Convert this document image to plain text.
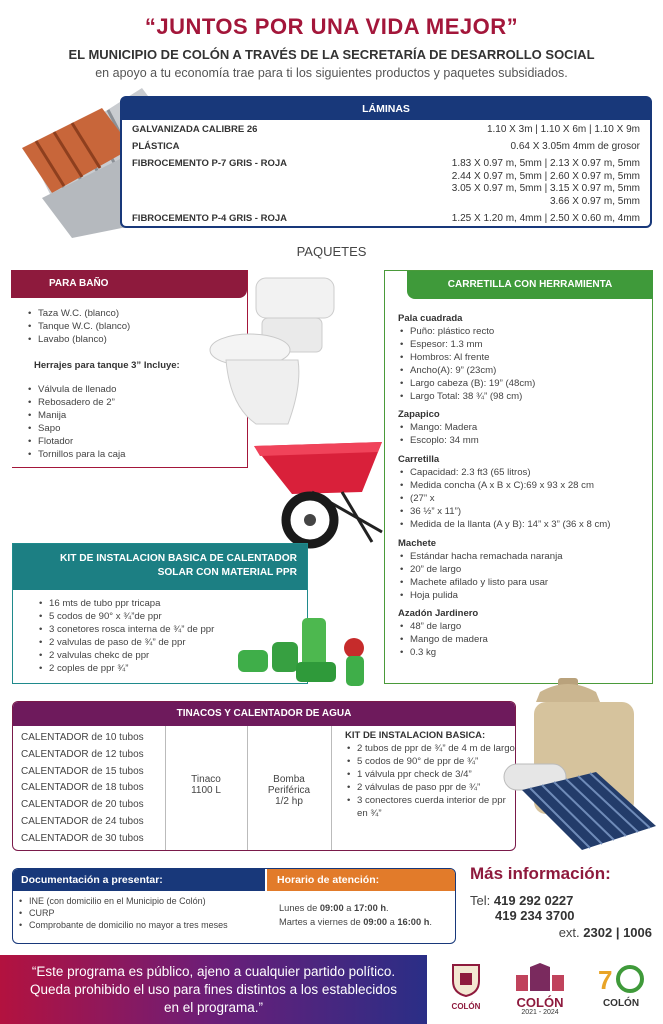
“JUNTOS POR UNA VIDA MEJOR”
EL MUNICIPIO DE COLÓN A TRAVÉS DE LA SECRETARÍA DE DESARROLLO SOCIAL
en apoyo a tu economía trae para ti los siguientes productos y paquetes subsidiados.
LÁMINAS
GALVANIZADA CALIBRE 26	1.10 X 3m | 1.10 X 6m | 1.10 X 9m
PLÁSTICA	0.64 X 3.05m 4mm de grosor
FIBROCEMENTO P-7 GRIS - ROJA	1.83 X 0.97 m, 5mm | 2.13 X 0.97 m, 5mm
2.44 X 0.97 m, 5mm | 2.60 X 0.97 m, 5mm
3.05 X 0.97 m, 5mm | 3.15 X 0.97 m, 5mm
3.66 X 0.97 m, 5mm
FIBROCEMENTO P-4 GRIS - ROJA	1.25 X 1.20 m, 4mm | 2.50 X 0.60 m, 4mm
PAQUETES
PARA BAÑO
• Taza W.C. (blanco)
• Tanque W.C. (blanco)
• Lavabo (blanco)
Herrajes para tanque 3” Incluye:
• Válvula de llenado
• Rebosadero de 2”
• Manija
• Sapo
• Flotador
• Tornillos para la caja
CARRETILLA CON HERRAMIENTA
Pala cuadrada
• Puño: plástico recto
• Espesor: 1.3 mm
• Hombros: Al frente
• Ancho(A): 9” (23cm)
• Largo cabeza (B): 19” (48cm)
• Largo Total: 38 ¾” (98 cm)
Zapapico
• Mango: Madera
• Escoplo: 34 mm
Carretilla
• Capacidad: 2.3 ft3 (65 litros)
• Medida concha (A x B x C):69 x 93 x 28 cm
• (27” x
• 36 ½” x 11”)
• Medida de la llanta (A y B): 14” x 3” (36 x 8 cm)
Machete
• Estándar hacha remachada naranja
• 20” de largo
• Machete afilado y listo para usar
• Hoja pulida
Azadón Jardinero
• 48” de largo
• Mango de madera
• 0.3 kg
KIT DE INSTALACION BASICA DE CALENTADOR
SOLAR CON MATERIAL PPR
• 16 mts de tubo ppr tricapa
• 5 codos de 90° x ¾”de ppr
• 3 conetores rosca interna de ¾” de ppr
• 2 valvulas de paso de ¾” de ppr
• 2 valvulas chekc de ppr
• 2 coples de ppr ¾”
TINACOS Y CALENTADOR DE AGUA
CALENTADOR de 10 tubos
CALENTADOR de 12 tubos
CALENTADOR de 15 tubos
CALENTADOR de 18 tubos
CALENTADOR de 20 tubos
CALENTADOR de 24 tubos
CALENTADOR de 30 tubos
Tinaco
1100 L
Bomba
Periférica
1/2 hp
KIT DE INSTALACION BASICA:
• 2 tubos de ppr de ¾” de 4 m de largo
• 5 codos de 90° de ppr de ¾”
• 1 válvula ppr check de 3/4”
• 2 válvulas de paso ppr de ¾”
• 3 conectores cuerda interior de ppr en ¾”
Documentación a presentar:	Horario de atención:
• INE (con domicilio en el Municipio de Colón)
• CURP
• Comprobante de domicilio no mayor a tres meses
Lunes de 09:00 a 17:00 h.
Martes a viernes de 09:00 a 16:00 h.
Más información:
Tel: 419 292 0227
419 234 3700
ext. 2302 | 1006
“Este programa es público, ajeno a cualquier partido político.
Queda prohibido el uso para fines distintos a los establecidos
en el programa.”	COLÓN	COLÓN
2021 - 2024
7
COLÓN
